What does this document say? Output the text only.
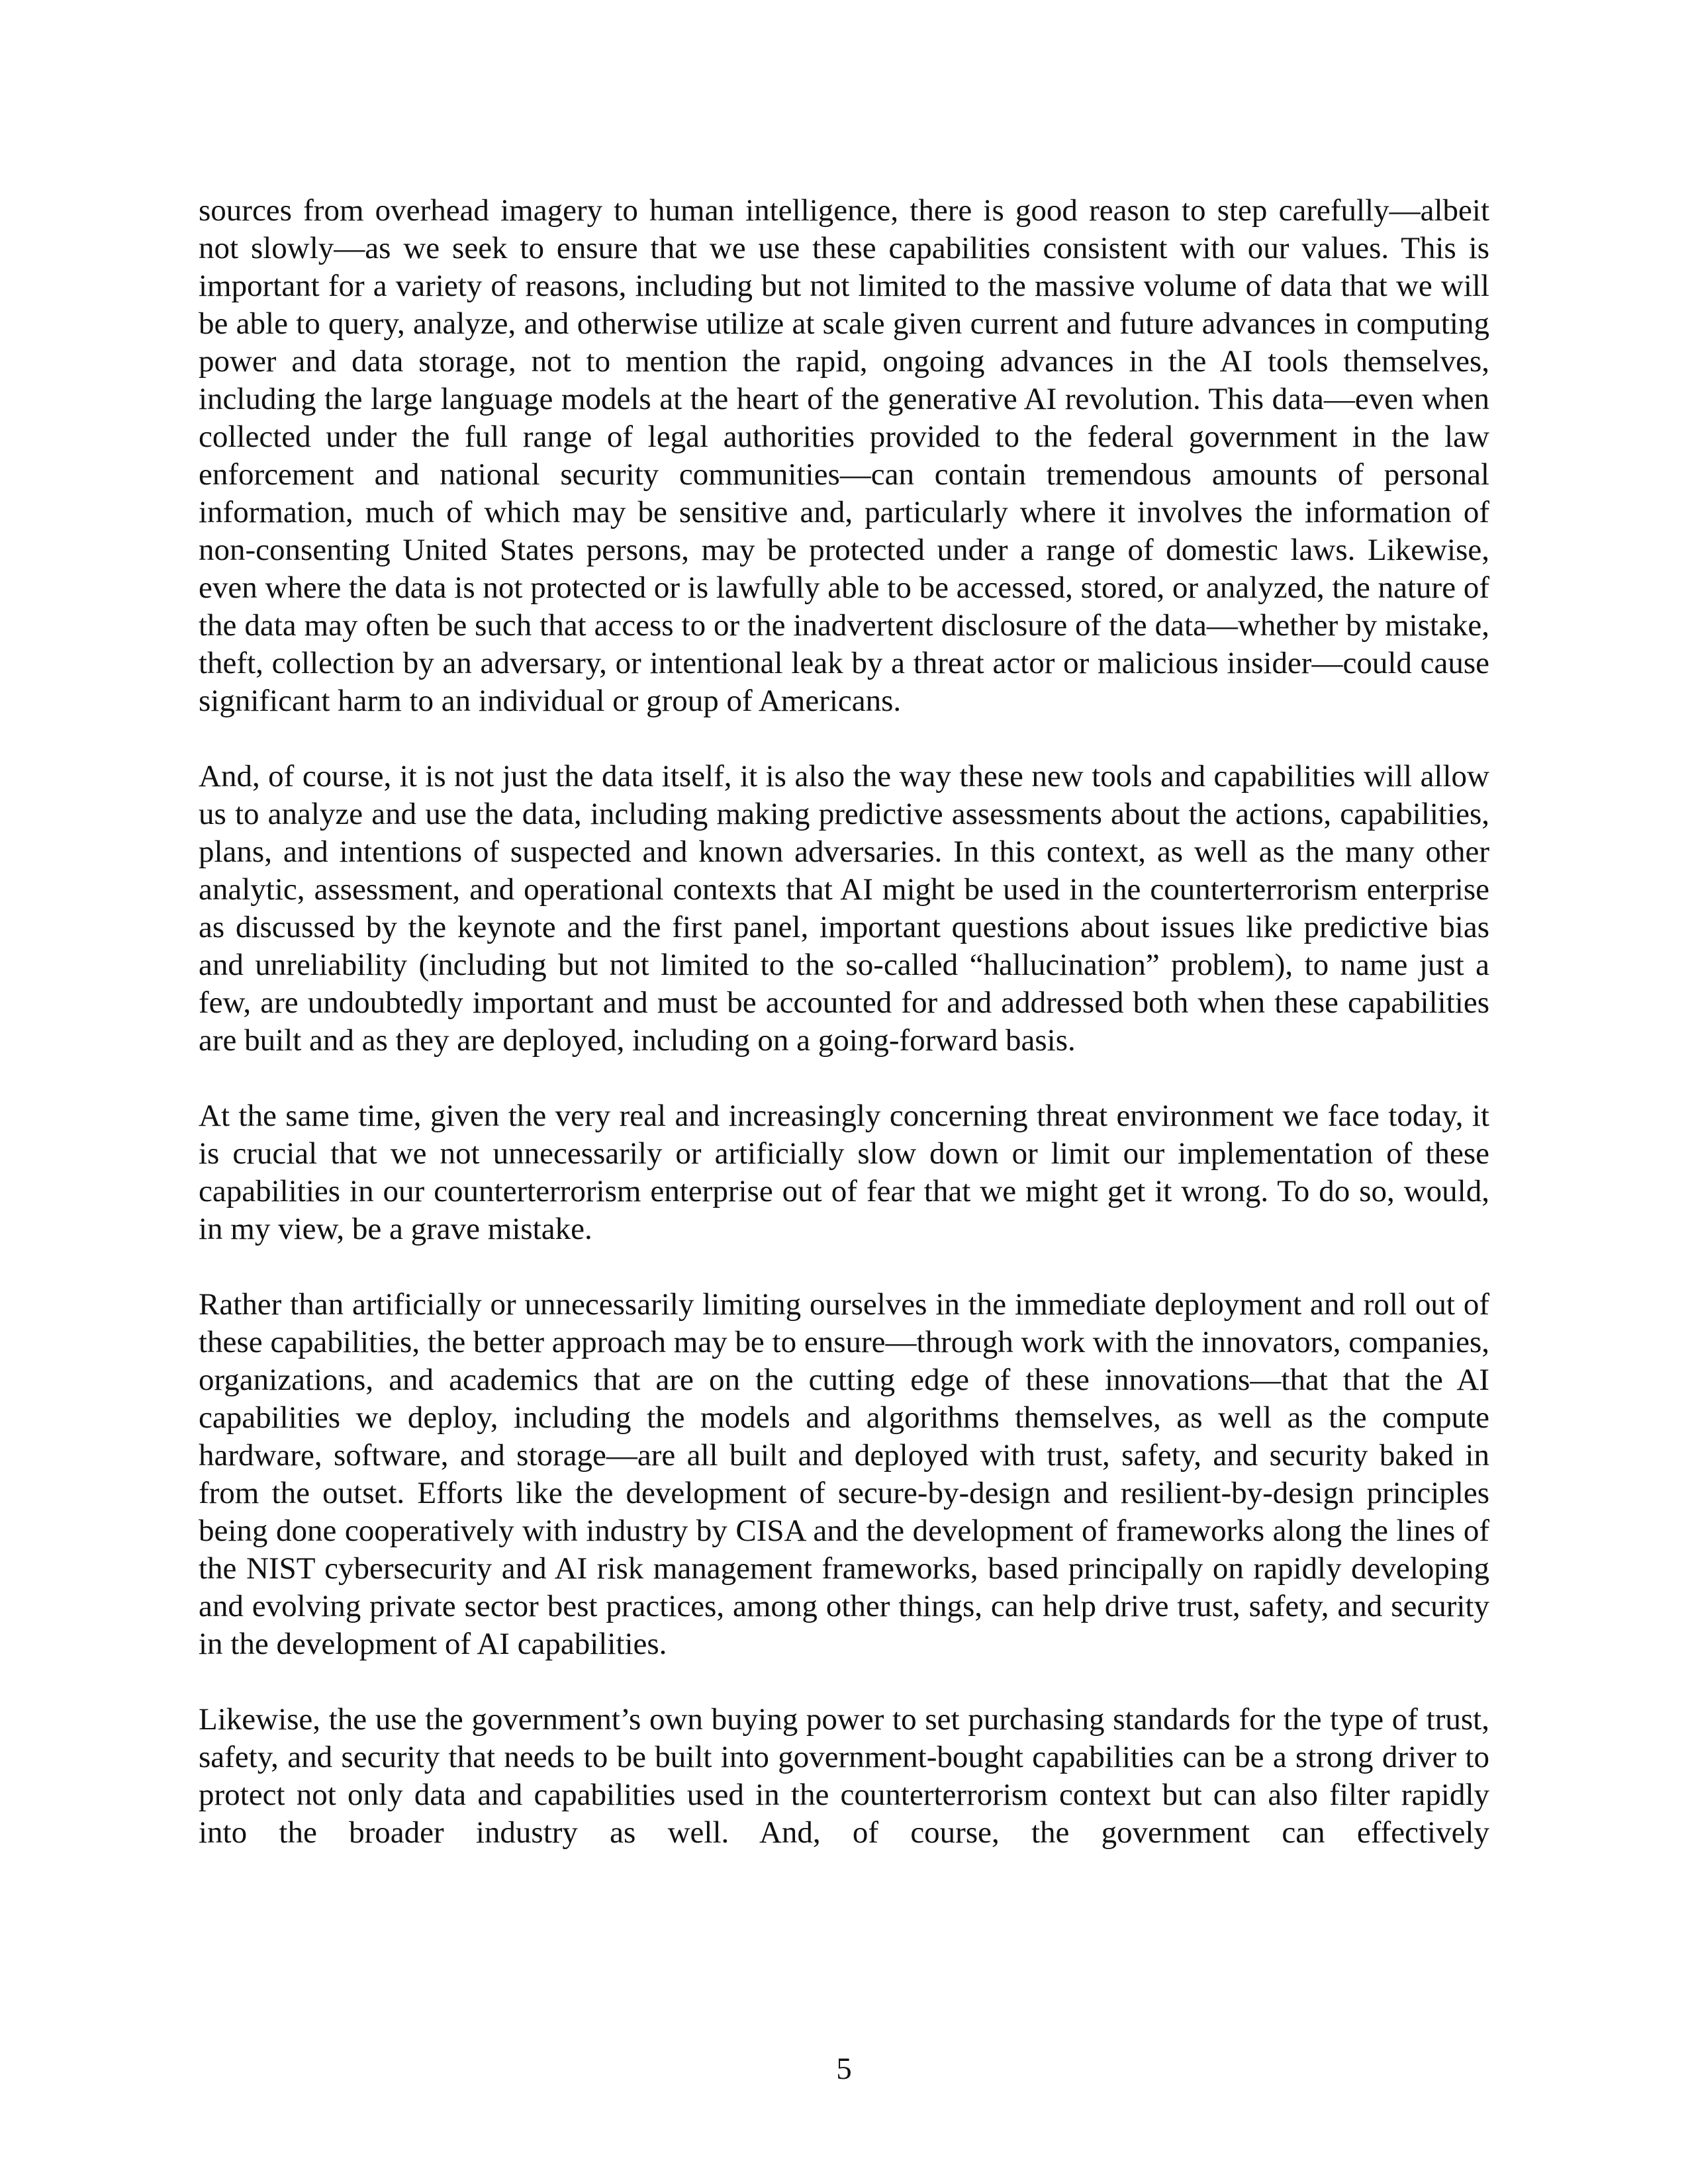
sources from overhead imagery to human intelligence, there is good reason to step carefully—albeit not slowly—as we seek to ensure that we use these capabilities consistent with our values. This is important for a variety of reasons, including but not limited to the massive volume of data that we will be able to query, analyze, and otherwise utilize at scale given current and future advances in computing power and data storage, not to mention the rapid, ongoing advances in the AI tools themselves, including the large language models at the heart of the generative AI revolution. This data—even when collected under the full range of legal authorities provided to the federal government in the law enforcement and national security communities—can contain tremendous amounts of personal information, much of which may be sensitive and, particularly where it involves the information of non-consenting United States persons, may be protected under a range of domestic laws. Likewise, even where the data is not protected or is lawfully able to be accessed, stored, or analyzed, the nature of the data may often be such that access to or the inadvertent disclosure of the data—whether by mistake, theft, collection by an adversary, or intentional leak by a threat actor or malicious insider—could cause significant harm to an individual or group of Americans.

And, of course, it is not just the data itself, it is also the way these new tools and capabilities will allow us to analyze and use the data, including making predictive assessments about the actions, capabilities, plans, and intentions of suspected and known adversaries. In this context, as well as the many other analytic, assessment, and operational contexts that AI might be used in the counterterrorism enterprise as discussed by the keynote and the first panel, important questions about issues like predictive bias and unreliability (including but not limited to the so-called “hallucination” problem), to name just a few, are undoubtedly important and must be accounted for and addressed both when these capabilities are built and as they are deployed, including on a going-forward basis.

At the same time, given the very real and increasingly concerning threat environment we face today, it is crucial that we not unnecessarily or artificially slow down or limit our implementation of these capabilities in our counterterrorism enterprise out of fear that we might get it wrong. To do so, would, in my view, be a grave mistake.

Rather than artificially or unnecessarily limiting ourselves in the immediate deployment and roll out of these capabilities, the better approach may be to ensure—through work with the innovators, companies, organizations, and academics that are on the cutting edge of these innovations—that that the AI capabilities we deploy, including the models and algorithms themselves, as well as the compute hardware, software, and storage—are all built and deployed with trust, safety, and security baked in from the outset. Efforts like the development of secure-by-design and resilient-by-design principles being done cooperatively with industry by CISA and the development of frameworks along the lines of the NIST cybersecurity and AI risk management frameworks, based principally on rapidly developing and evolving private sector best practices, among other things, can help drive trust, safety, and security in the development of AI capabilities.

Likewise, the use the government’s own buying power to set purchasing standards for the type of trust, safety, and security that needs to be built into government-bought capabilities can be a strong driver to protect not only data and capabilities used in the counterterrorism context but can also filter rapidly into the broader industry as well. And, of course, the government can effectively

5
